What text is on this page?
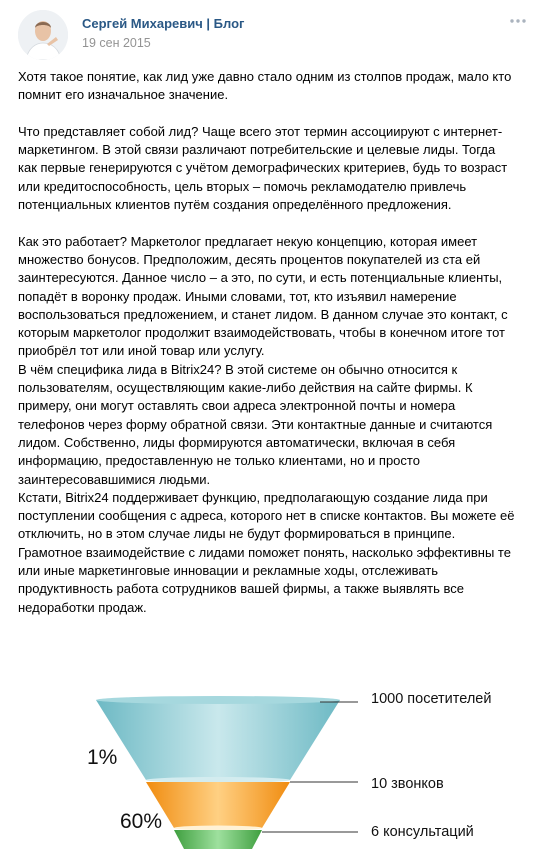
Сергей Михаревич | Блог
19 сен 2015

Хотя такое понятие, как лид уже давно стало одним из столпов продаж, мало кто

помнит его изначальное значение.

Что представляет собой лид? Чаще всего этот термин ассоциируют с интернет-

маркетингом. В этой связи различают потребительские и целевые лиды. Тогда

как первые генерируются с учётом демографических критериев, будь то возраст

или кредитоспособность, цель вторых – помочь рекламодателю привлечь

потенциальных клиентов путём создания определённого предложения.

Как это работает? Маркетолог предлагает некую концепцию, которая имеет

множество бонусов. Предположим, десять процентов покупателей из ста ей

заинтересуются. Данное число – а это, по сути, и есть потенциальные клиенты,

попадёт в воронку продаж. Иными словами, тот, кто изъявил намерение

воспользоваться предложением, и станет лидом. В данном случае это контакт, с

которым маркетолог продолжит взаимодействовать, чтобы в конечном итоге тот

приобрёл тот или иной товар или услугу.

В чём специфика лида в Bitrix24? В этой системе он обычно относится к

пользователям, осуществляющим какие-либо действия на сайте фирмы. К

примеру, они могут оставлять свои адреса электронной почты и номера

телефонов через форму обратной связи. Эти контактные данные и считаются

лидом. Собственно, лиды формируются автоматически, включая в себя

информацию, предоставленную не только клиентами, но и просто

заинтересовавшимися людьми.

Кстати, Bitrix24 поддерживает функцию, предполагающую создание лида при

поступлении сообщения с адреса, которого нет в списке контактов. Вы можете её

отключить, но в этом случае лиды не будут формироваться в принципе.

Грамотное взаимодействие с лидами поможет понять, насколько эффективны те

или иные маркетинговые инновации и рекламные ходы, отслеживать

продуктивность работа сотрудников вашей фирмы, а также выявлять все

недоработки продаж.

1000 посетителей
10 звонков
6 консультаций
1%
60%
